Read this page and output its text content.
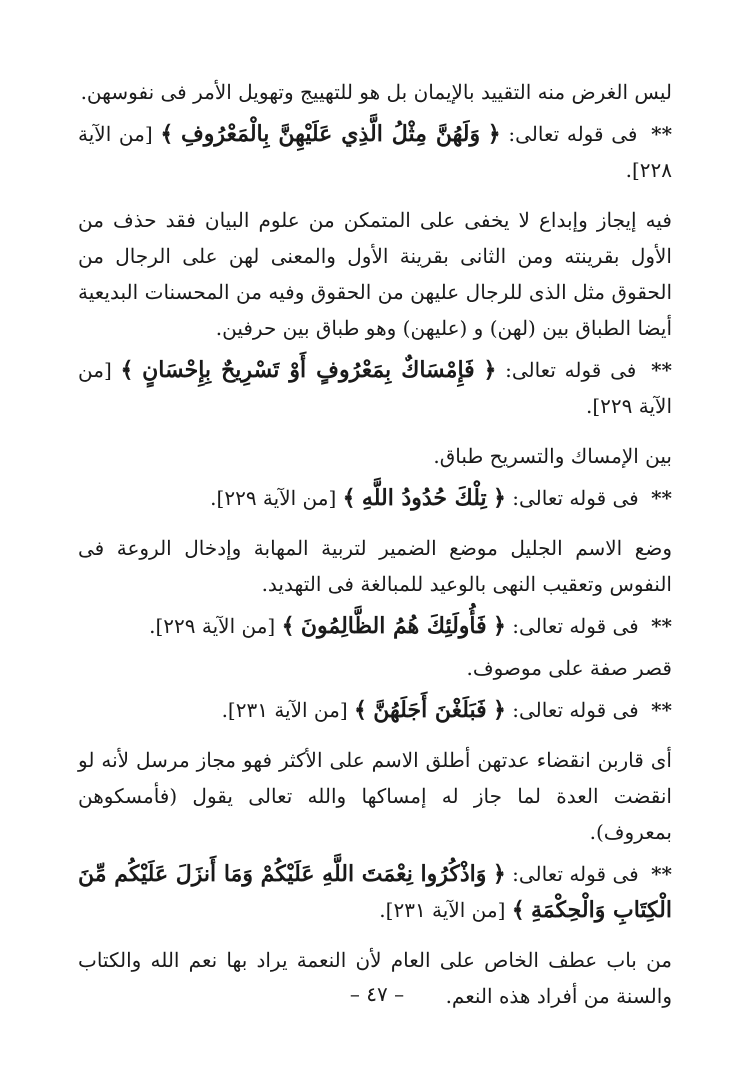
ليس الغرض منه التقييد بالإيمان بل هو للتهييج وتهويل الأمر فى نفوسهن.

** فى قوله تعالى: ﴿ وَلَهُنَّ مِثْلُ الَّذِي عَلَيْهِنَّ بِالْمَعْرُوفِ ﴾ [من الآية ٢٢٨].

فيه إيجاز وإبداع لا يخفى على المتمكن من علوم البيان فقد حذف من الأول بقرينته ومن الثانى بقرينة الأول والمعنى لهن على الرجال من الحقوق مثل الذى للرجال عليهن من الحقوق وفيه من المحسنات البديعية أيضا الطباق بين (لهن) و (عليهن) وهو طباق بين حرفين.

** فى قوله تعالى: ﴿ فَإِمْسَاكٌ بِمَعْرُوفٍ أَوْ تَسْرِيحٌ بِإِحْسَانٍ ﴾ [من الآية ٢٢٩].

بين الإمساك والتسريح طباق.

** فى قوله تعالى: ﴿ تِلْكَ حُدُودُ اللَّهِ ﴾ [من الآية ٢٢٩].

وضع الاسم الجليل موضع الضمير لتربية المهابة وإدخال الروعة فى النفوس وتعقيب النهى بالوعيد للمبالغة فى التهديد.

** فى قوله تعالى: ﴿ فَأُولَئِكَ هُمُ الظَّالِمُونَ ﴾ [من الآية ٢٢٩].

قصر صفة على موصوف.

** فى قوله تعالى: ﴿ فَبَلَغْنَ أَجَلَهُنَّ ﴾ [من الآية ٢٣١].

أى قاربن انقضاء عدتهن أطلق الاسم على الأكثر فهو مجاز مرسل لأنه لو انقضت العدة لما جاز له إمساكها والله تعالى يقول (فأمسكوهن بمعروف).

** فى قوله تعالى: ﴿ وَاذْكُرُوا نِعْمَتَ اللَّهِ عَلَيْكُمْ وَمَا أَنزَلَ عَلَيْكُم مِّنَ الْكِتَابِ وَالْحِكْمَةِ ﴾ [من الآية ٢٣١].

من باب عطف الخاص على العام لأن النعمة يراد بها نعم الله والكتاب والسنة من أفراد هذه النعم.

– ٤٧ –
